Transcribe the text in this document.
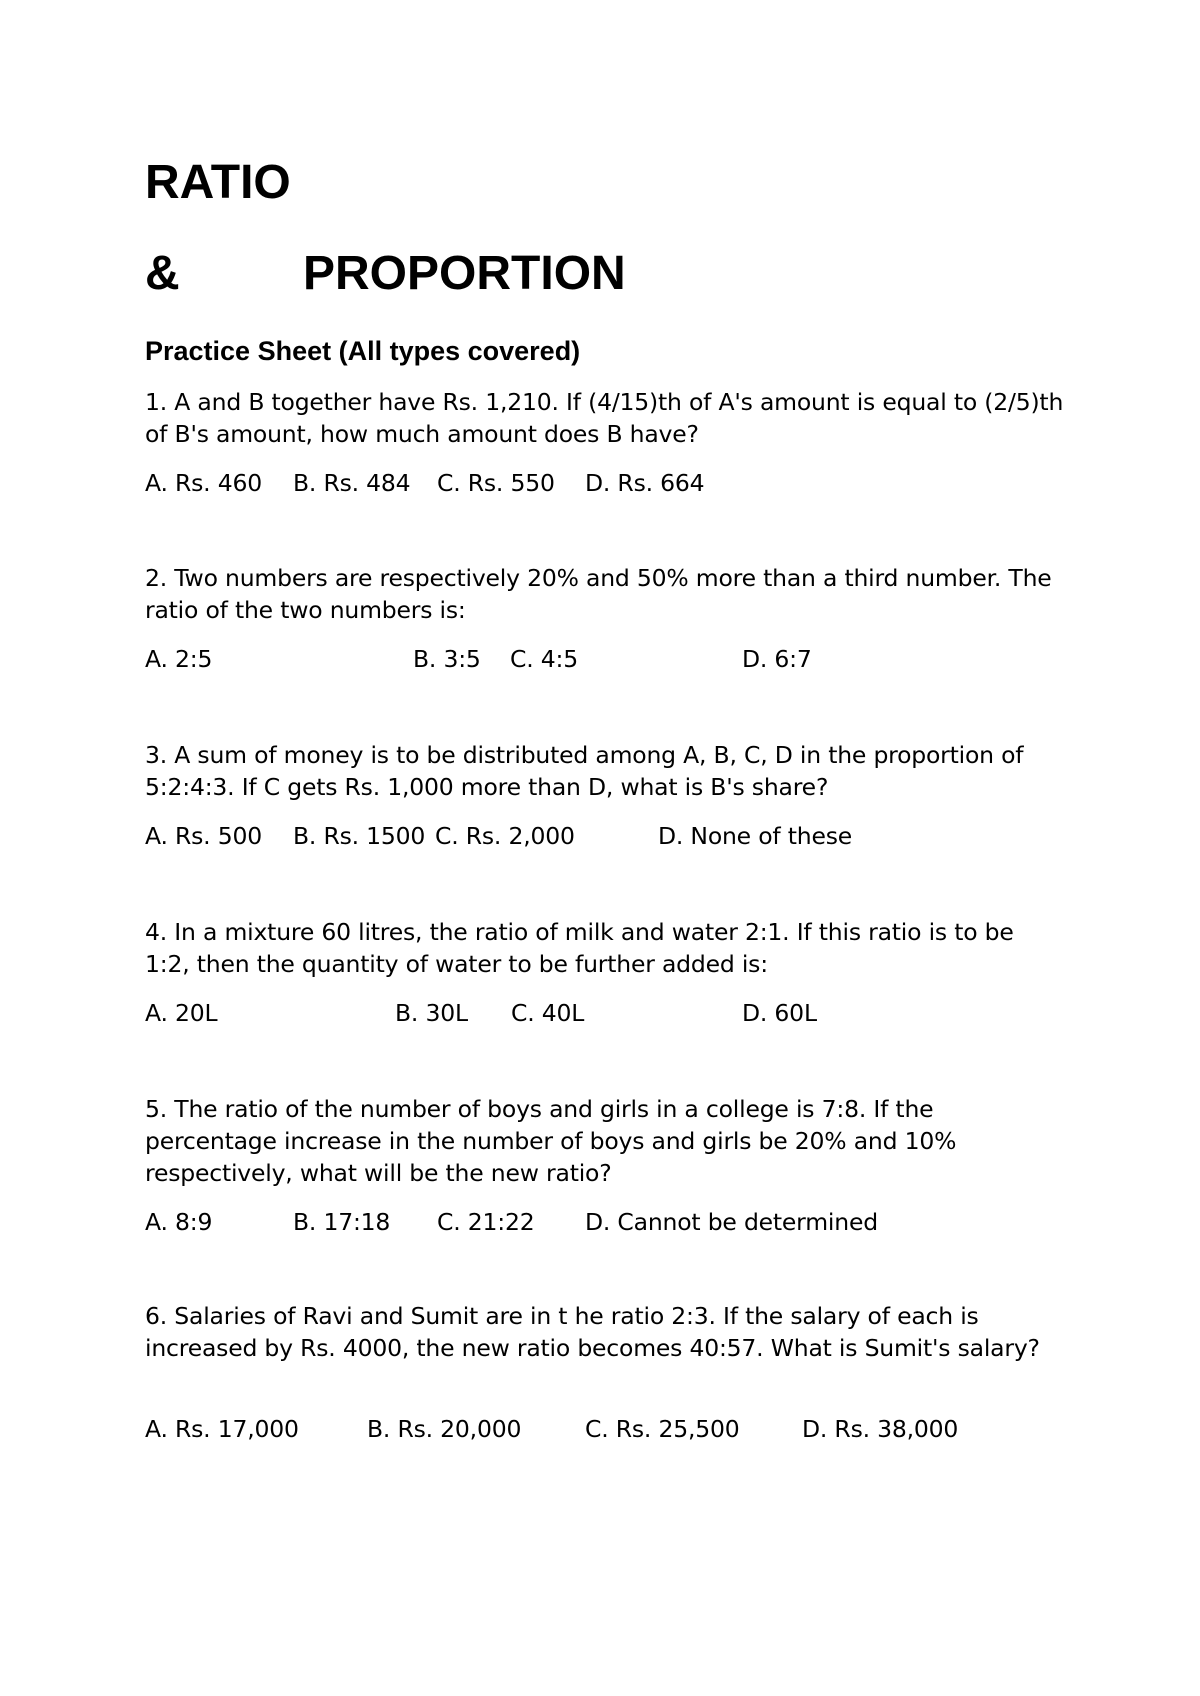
RATIO
&	PROPORTION
Practice Sheet (All types covered)

1. A and B together have Rs. 1,210. If (4/15)th of A's amount is equal to (2/5)th of B's amount, how much amount does B have?

A. Rs. 460 B. Rs. 484 C. Rs. 550 D. Rs. 664

2. Two numbers are respectively 20% and 50% more than a third number. The ratio of the two numbers is:

A. 2:5	B. 3:5 C. 4:5	D. 6:7

3. A sum of money is to be distributed among A, B, C, D in the proportion of 5:2:4:3. If C gets Rs. 1,000 more than D, what is B's share?

A. Rs. 500 B. Rs. 1500 C. Rs. 2,000	D. None of these

4. In a mixture 60 litres, the ratio of milk and water 2:1. If this ratio is to be 1:2, then the quantity of water to be further added is:

A. 20L	B. 30L C. 40L	D. 60L

5. The ratio of the number of boys and girls in a college is 7:8. If the percentage increase in the number of boys and girls be 20% and 10% respectively, what will be the new ratio?

A. 8:9	B. 17:18 C. 21:22 D. Cannot be determined

6. Salaries of Ravi and Sumit are in t he ratio 2:3. If the salary of each is increased by Rs. 4000, the new ratio becomes 40:57. What is Sumit's salary?

A. Rs. 17,000	B. Rs. 20,000	C. Rs. 25,500	D. Rs. 38,000
